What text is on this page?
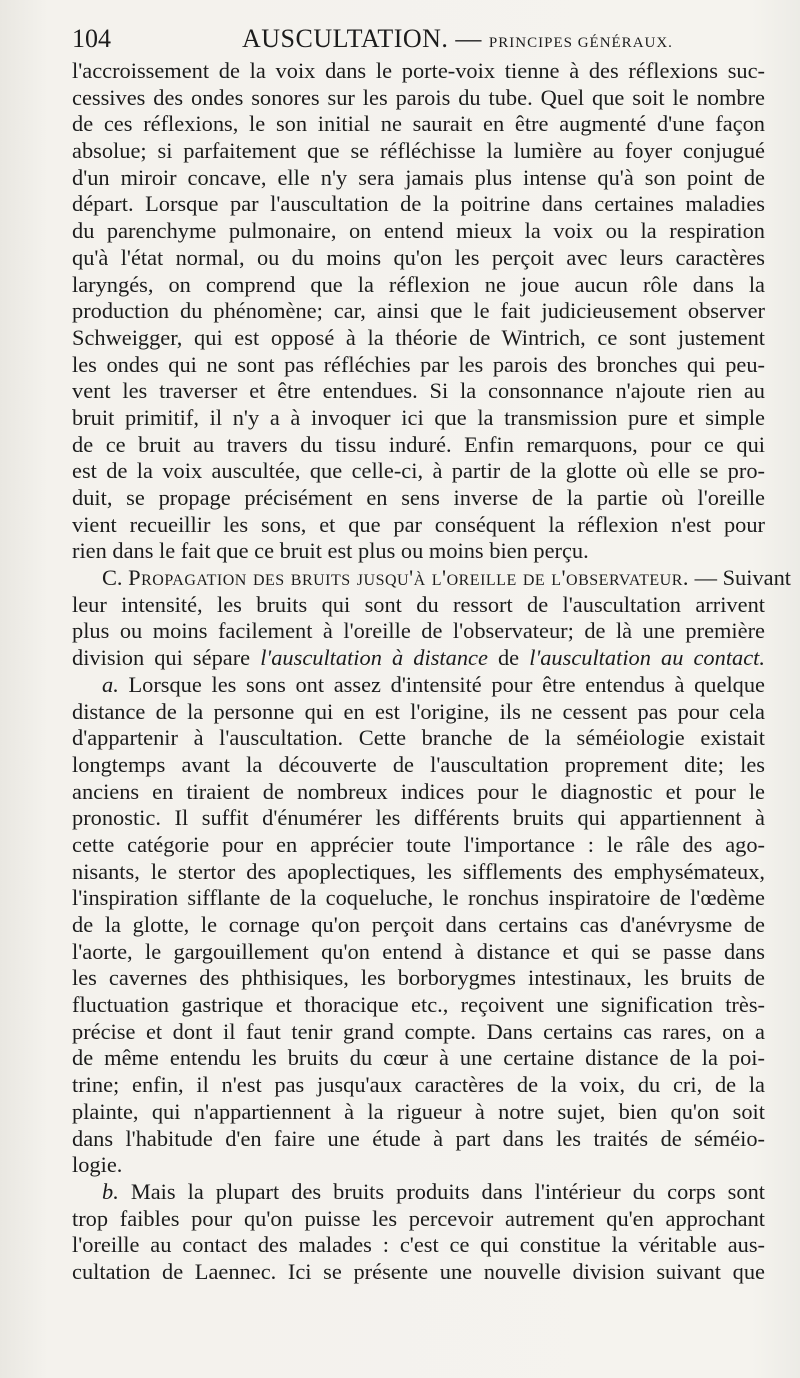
104	AUSCULTATION. — PRINCIPES GÉNÉRAUX.
l'accroissement de la voix dans le porte-voix tienne à des réflexions suc-
cessives des ondes sonores sur les parois du tube. Quel que soit le nombre
de ces réflexions, le son initial ne saurait en être augmenté d'une façon
absolue; si parfaitement que se réfléchisse la lumière au foyer conjugué
d'un miroir concave, elle n'y sera jamais plus intense qu'à son point de
départ. Lorsque par l'auscultation de la poitrine dans certaines maladies
du parenchyme pulmonaire, on entend mieux la voix ou la respiration
qu'à l'état normal, ou du moins qu'on les perçoit avec leurs caractères
laryngés, on comprend que la réflexion ne joue aucun rôle dans la
production du phénomène; car, ainsi que le fait judicieusement observer
Schweigger, qui est opposé à la théorie de Wintrich, ce sont justement
les ondes qui ne sont pas réfléchies par les parois des bronches qui peu-
vent les traverser et être entendues. Si la consonnance n'ajoute rien au
bruit primitif, il n'y a à invoquer ici que la transmission pure et simple
de ce bruit au travers du tissu induré. Enfin remarquons, pour ce qui
est de la voix auscultée, que celle-ci, à partir de la glotte où elle se pro-
duit, se propage précisément en sens inverse de la partie où l'oreille
vient recueillir les sons, et que par conséquent la réflexion n'est pour
rien dans le fait que ce bruit est plus ou moins bien perçu.
C. Propagation des bruits jusqu'à l'oreille de l'observateur. — Suivant
leur intensité, les bruits qui sont du ressort de l'auscultation arrivent
plus ou moins facilement à l'oreille de l'observateur; de là une première
division qui sépare l'auscultation à distance de l'auscultation au contact.
a. Lorsque les sons ont assez d'intensité pour être entendus à quelque
distance de la personne qui en est l'origine, ils ne cessent pas pour cela
d'appartenir à l'auscultation. Cette branche de la séméiologie existait
longtemps avant la découverte de l'auscultation proprement dite; les
anciens en tiraient de nombreux indices pour le diagnostic et pour le
pronostic. Il suffit d'énumérer les différents bruits qui appartiennent à
cette catégorie pour en apprécier toute l'importance : le râle des ago-
nisants, le stertor des apoplectiques, les sifflements des emphysémateux,
l'inspiration sifflante de la coqueluche, le ronchus inspiratoire de l'œdème
de la glotte, le cornage qu'on perçoit dans certains cas d'anévrysme de
l'aorte, le gargouillement qu'on entend à distance et qui se passe dans
les cavernes des phthisiques, les borborygmes intestinaux, les bruits de
fluctuation gastrique et thoracique etc., reçoivent une signification très-
précise et dont il faut tenir grand compte. Dans certains cas rares, on a
de même entendu les bruits du cœur à une certaine distance de la poi-
trine; enfin, il n'est pas jusqu'aux caractères de la voix, du cri, de la
plainte, qui n'appartiennent à la rigueur à notre sujet, bien qu'on soit
dans l'habitude d'en faire une étude à part dans les traités de séméio-
logie.
b. Mais la plupart des bruits produits dans l'intérieur du corps sont
trop faibles pour qu'on puisse les percevoir autrement qu'en approchant
l'oreille au contact des malades : c'est ce qui constitue la véritable aus-
cultation de Laennec. Ici se présente une nouvelle division suivant que
